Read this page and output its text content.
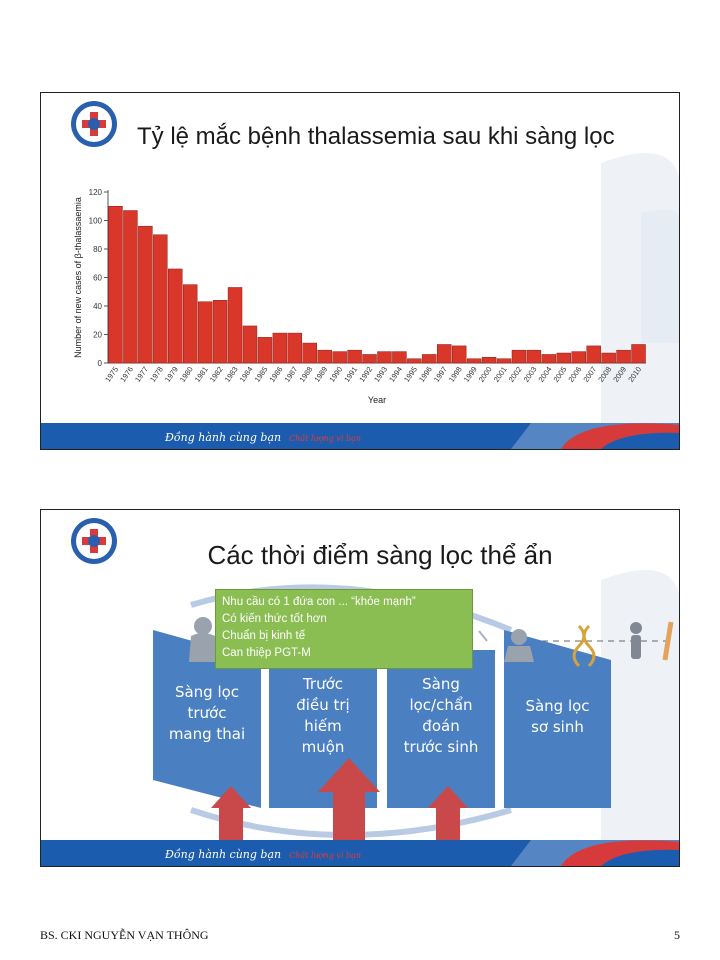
Tỷ lệ mắc bệnh thalassemia sau khi sàng lọc
0
20
40
60
80
100
120
1975
1976
1977
1978
1979
1980
1981
1982
1983
1984
1985
1986
1987
1988
1989
1990
1991
1992
1993
1994
1995
1996
1997
1998
1999
2000
2001
2002
2003
2004
2005
2006
2007
2008
2009
2010
Year
Number of new cases of β-thalassaemia
Đồng hành cùng bạn Chất lượng vì bạn
Các thời điểm sàng lọc thể ẩn
Sàng lọc
trước
mang thai
Trước
điều trị
hiếm
muộn
Sàng
lọc/chẩn
đoán
trước sinh
Sàng lọc
sơ sinh
Nhu cầu có 1 đứa con ... “khỏe mạnh”
Có kiến thức tốt hơn
Chuẩn bị kinh tế
Can thiệp PGT-M
Đồng hành cùng bạn Chất lượng vì bạn
BS. CKI NGUYỄN VẠN THÔNG	5
